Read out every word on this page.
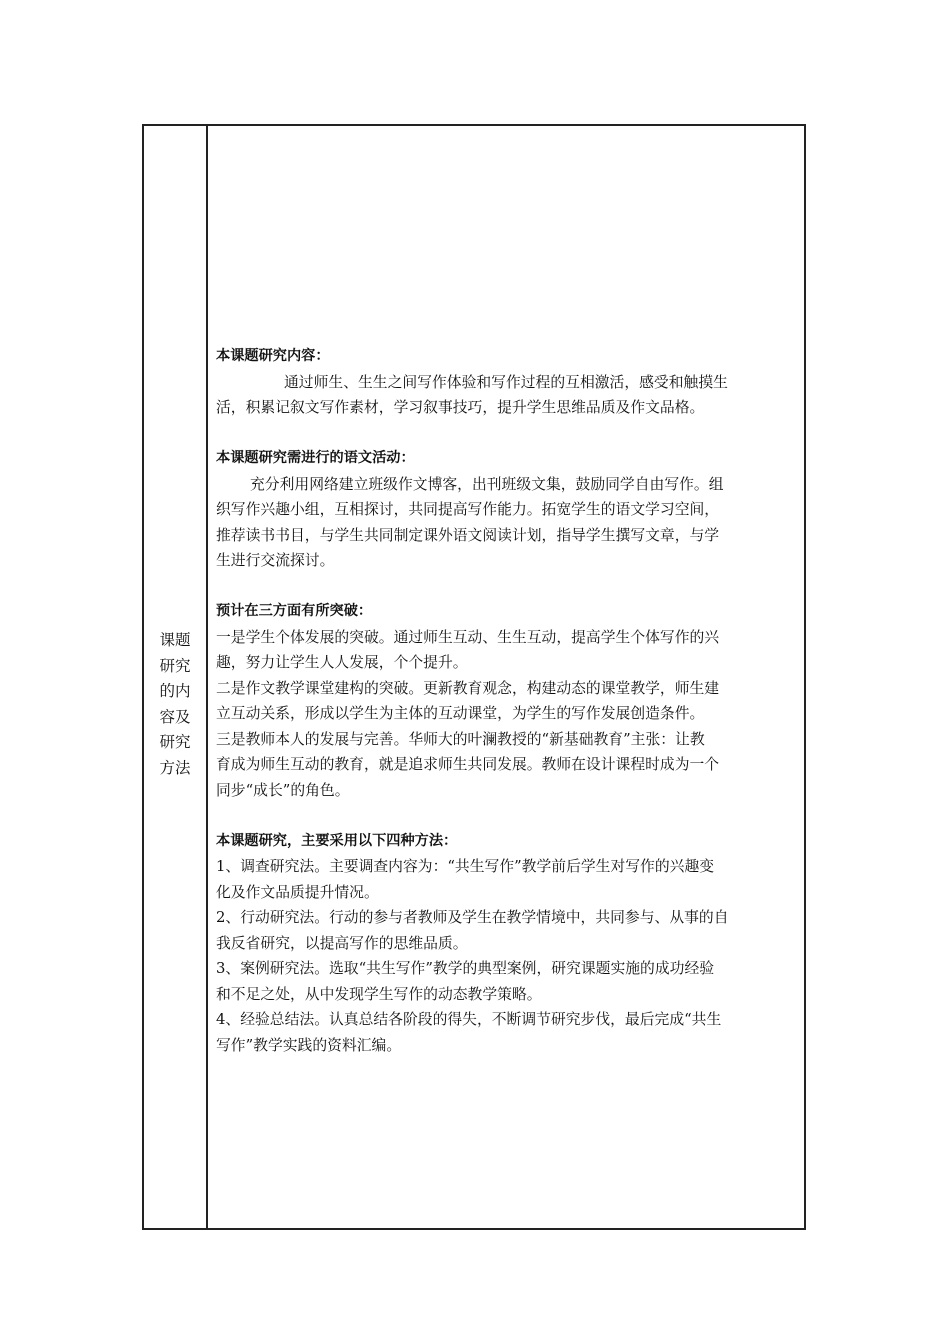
课题
研究
的内
容及
研究
方法
本课题研究内容：
通过师生、生生之间写作体验和写作过程的互相激活，感受和触摸生
活，积累记叙文写作素材，学习叙事技巧，提升学生思维品质及作文品格。
本课题研究需进行的语文活动：
充分利用网络建立班级作文博客，出刊班级文集，鼓励同学自由写作。组
织写作兴趣小组，互相探讨，共同提高写作能力。拓宽学生的语文学习空间，
推荐读书书目，与学生共同制定课外语文阅读计划，指导学生撰写文章，与学
生进行交流探讨。
预计在三方面有所突破：
一是学生个体发展的突破。通过师生互动、生生互动，提高学生个体写作的兴
趣，努力让学生人人发展，个个提升。
二是作文教学课堂建构的突破。更新教育观念，构建动态的课堂教学，师生建
立互动关系，形成以学生为主体的互动课堂，为学生的写作发展创造条件。
三是教师本人的发展与完善。华师大的叶澜教授的“新基础教育”主张：让教
育成为师生互动的教育，就是追求师生共同发展。教师在设计课程时成为一个
同步“成长”的角色。
本课题研究，主要采用以下四种方法：
1、调查研究法。主要调查内容为：“共生写作”教学前后学生对写作的兴趣变
化及作文品质提升情况。
2、行动研究法。行动的参与者教师及学生在教学情境中，共同参与、从事的自
我反省研究，以提高写作的思维品质。
3、案例研究法。选取“共生写作”教学的典型案例，研究课题实施的成功经验
和不足之处，从中发现学生写作的动态教学策略。
4、经验总结法。认真总结各阶段的得失，不断调节研究步伐，最后完成“共生
写作”教学实践的资料汇编。
